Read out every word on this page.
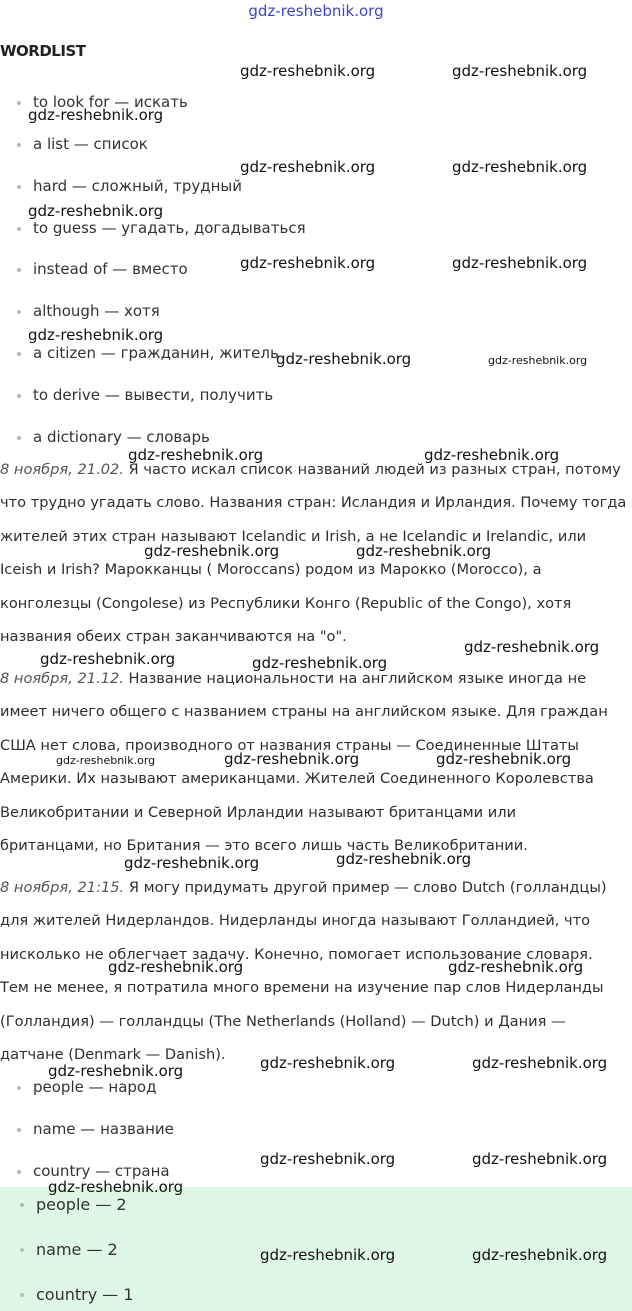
gdz-reshebnik.org
WORDLIST
to look for — искать
a list — список
hard — сложный, трудный
to guess — угадать, догадываться
instead of — вместо
although — хотя
a citizen — гражданин, житель
to derive — вывести, получить
a dictionary — словарь

8 ноября, 21.02. Я часто искал список названий людей из разных стран, потому

что трудно угадать слово. Названия стран: Исландия и Ирландия. Почему тогда

жителей этих стран называют Icelandic и Irish, а не Icelandic и Irelandic, или

Iceish и Irish? Марокканцы ( Moroccans) родом из Марокко (Morocco), а

конголезцы (Congolese) из Республики Конго (Republic of the Congo), хотя

названия обеих стран заканчиваются на "o".

8 ноября, 21.12. Название национальности на английском языке иногда не

имеет ничего общего с названием страны на английском языке. Для граждан

США нет слова, производного от названия страны — Соединенные Штаты

Америки. Их называют американцами. Жителей Соединенного Королевства

Великобритании и Северной Ирландии называют британцами или

британцами, но Британия — это всего лишь часть Великобритании.

8 ноября, 21:15. Я могу придумать другой пример — слово Dutch (голландцы)

для жителей Нидерландов. Нидерланды иногда называют Голландией, что

нисколько не облегчает задачу. Конечно, помогает использование словаря.

Тем не менее, я потратила много времени на изучение пар слов Нидерланды

(Голландия) — голландцы (The Netherlands (Holland) — Dutch) и Дания —

датчане (Denmark — Danish).

people — народ
name — название
country — страна
people — 2
name — 2
country — 1
gdz-reshebnik.org	gdz-reshebnik.org
gdz-reshebnik.org
gdz-reshebnik.org	gdz-reshebnik.org
gdz-reshebnik.org
gdz-reshebnik.org	gdz-reshebnik.org
gdz-reshebnik.org
gdz-reshebnik.org	gdz-reshebnik.org
gdz-reshebnik.org	gdz-reshebnik.org
gdz-reshebnik.org	gdz-reshebnik.org
gdz-reshebnik.org
gdz-reshebnik.org	gdz-reshebnik.org
gdz-reshebnik.org	gdz-reshebnik.org	gdz-reshebnik.org
gdz-reshebnik.org	gdz-reshebnik.org
gdz-reshebnik.org	gdz-reshebnik.org
gdz-reshebnik.org	gdz-reshebnik.org
gdz-reshebnik.org
gdz-reshebnik.org	gdz-reshebnik.org
gdz-reshebnik.org
gdz-reshebnik.org	gdz-reshebnik.org
